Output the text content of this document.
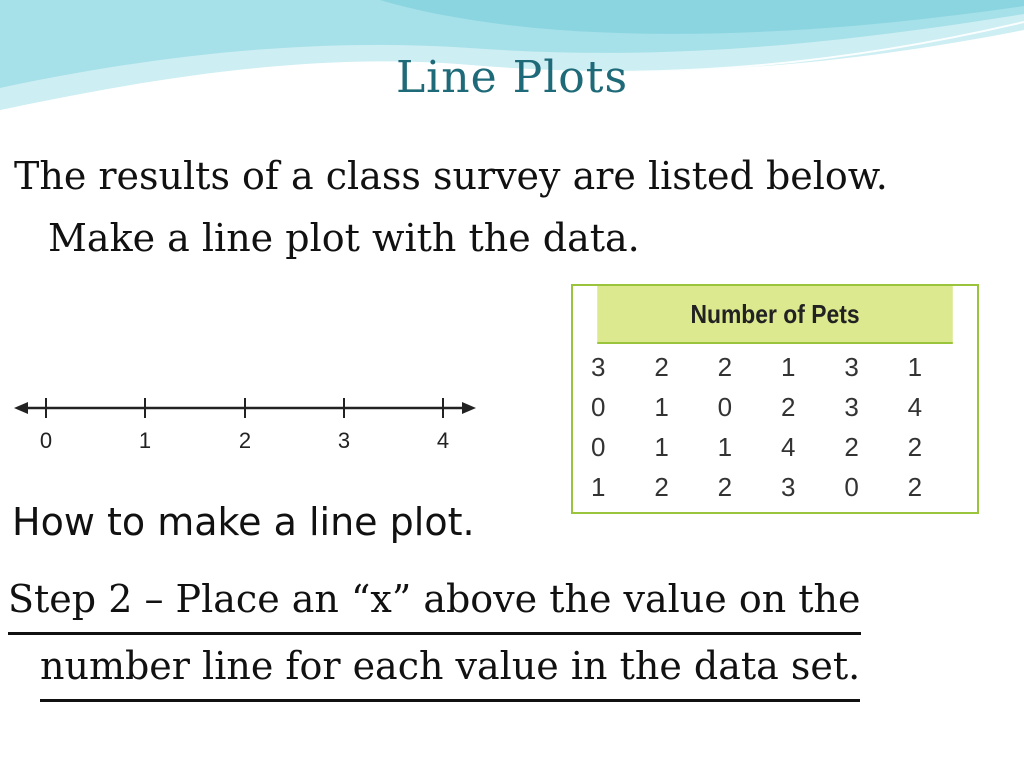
Line Plots
The results of a class survey are listed below.
Make a line plot with the data.
0	1	2	3	4
Number of Pets
3	2	2	1	3	1
0	1	0	2	3	4
0	1	1	4	2	2
1	2	2	3	0	2
How to make a line plot.
Step 2 – Place an “x” above the value on the
number line for each value in the data set.
